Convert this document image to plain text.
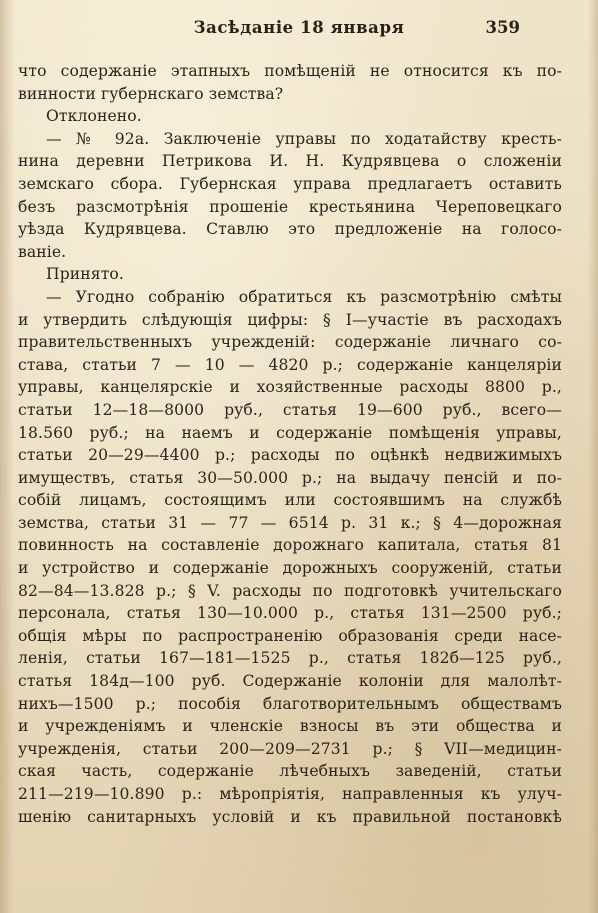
Засѣданіе 18 января	359
что содержаніе этапныхъ помѣщеній не относится къ по-
винности губернскаго земства?
Отклонено.
— № 92а. Заключеніе управы по ходатайству кресть-
нина деревни Петрикова И. Н. Кудрявцева о сложеніи
земскаго сбора. Губернская управа предлагаетъ оставить
безъ разсмотрѣнія прошеніе крестьянина Череповецкаго
уѣзда Кудрявцева. Ставлю это предложеніе на голосо-
ваніе.
Принято.
— Угодно собранію обратиться къ разсмотрѣнію смѣты
и утвердить слѣдующія цифры: § I—участіе въ расходахъ
правительственныхъ учрежденій: содержаніе личнаго со-
става, статьи 7 — 10 — 4820 р.; содержаніе канцеляріи
управы, канцелярскіе и хозяйственные расходы 8800 р.,
статьи 12—18—8000 руб., статья 19—600 руб., всего—
18.560 руб.; на наемъ и содержаніе помѣщенія управы,
статьи 20—29—4400 р.; расходы по оцѣнкѣ недвижимыхъ
имуществъ, статья 30—50.000 р.; на выдачу пенсій и по-
собій лицамъ, состоящимъ или состоявшимъ на службѣ
земства, статьи 31 — 77 — 6514 р. 31 к.; § 4—дорожная
повинность на составленіе дорожнаго капитала, статья 81
и устройство и содержаніе дорожныхъ сооруженій, статьи
82—84—13.828 р.; § V. расходы по подготовкѣ учительскаго
персонала, статья 130—10.000 р., статья 131—2500 руб.;
общія мѣры по распространенію образованія среди насе-
ленія, статьи 167—181—1525 р., статья 182б—125 руб.,
статья 184д—100 руб. Содержаніе колоніи для малолѣт-
нихъ—1500 р.; пособія благотворительнымъ обществамъ
и учрежденіямъ и членскіе взносы въ эти общества и
учрежденія, статьи 200—209—2731 р.; § VII—медицин-
ская часть, содержаніе лѣчебныхъ заведеній, статьи
211—219—10.890 р.: мѣропріятія, направленныя къ улуч-
шенію санитарныхъ условій и къ правильной постановкѣ
